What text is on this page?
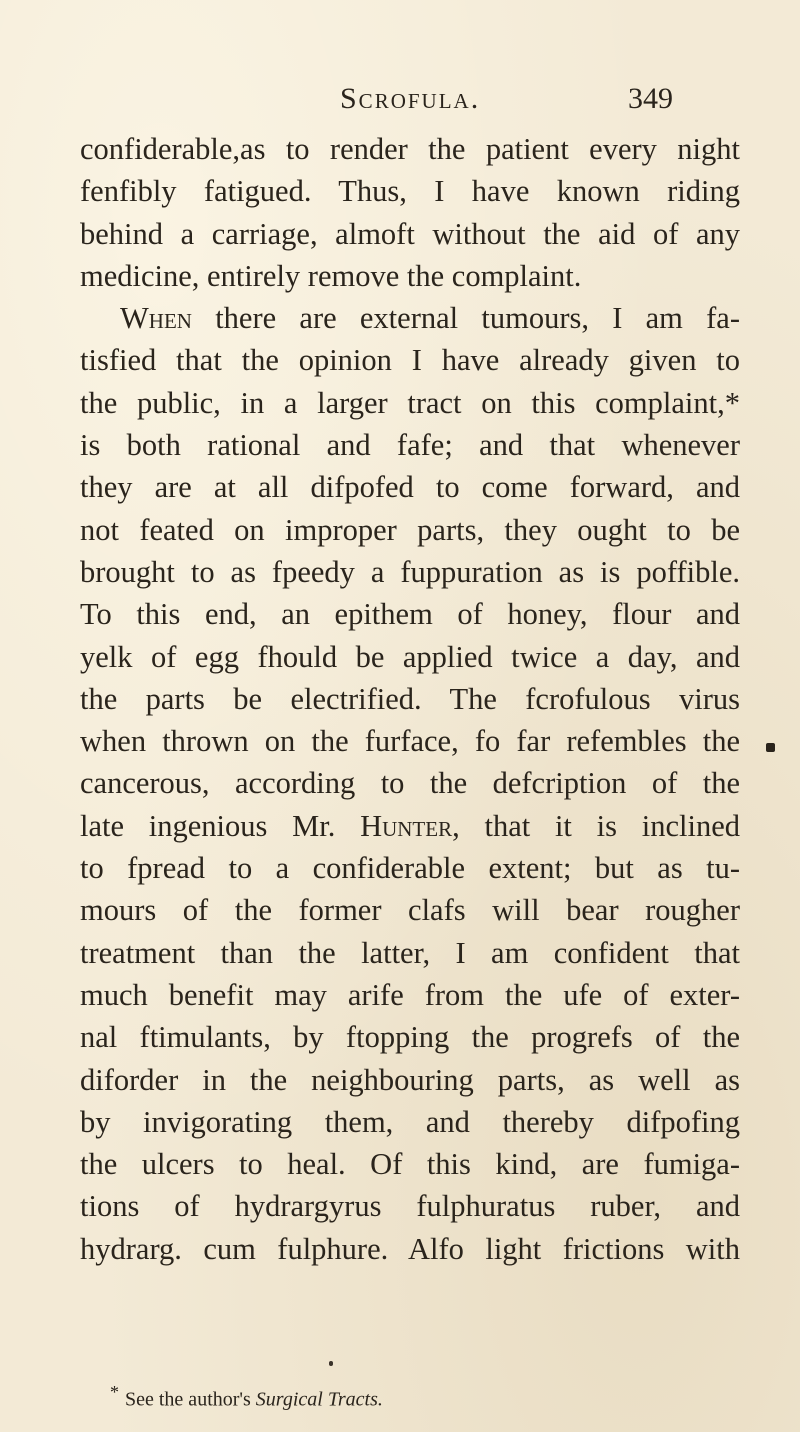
Scrofula.	349
confiderable,as to render the patient every night
fenfibly fatigued. Thus, I have known riding
behind a carriage, almoft without the aid of any
medicine, entirely remove the complaint.
When there are external tumours, I am fa-
tisfied that the opinion I have already given to
the public, in a larger tract on this complaint,*
is both rational and fafe; and that whenever
they are at all difpofed to come forward, and
not feated on improper parts, they ought to be
brought to as fpeedy a fuppuration as is poffible.
To this end, an epithem of honey, flour and
yelk of egg fhould be applied twice a day, and
the parts be electrified. The fcrofulous virus
when thrown on the furface, fo far refembles the
cancerous, according to the defcription of the
late ingenious Mr. Hunter, that it is inclined
to fpread to a confiderable extent; but as tu-
mours of the former clafs will bear rougher
treatment than the latter, I am confident that
much benefit may arife from the ufe of exter-
nal ftimulants, by ftopping the progrefs of the
diforder in the neighbouring parts, as well as
by invigorating them, and thereby difpofing
the ulcers to heal. Of this kind, are fumiga-
tions of hydrargyrus fulphuratus ruber, and
hydrarg. cum fulphure. Alfo light frictions with
* See the author's Surgical Tracts.
